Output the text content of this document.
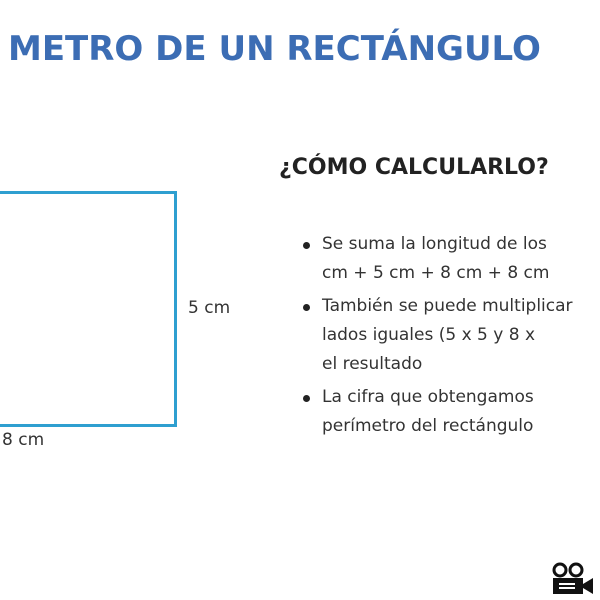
METRO DE UN RECTÁNGULO
5 cm
8 cm
¿CÓMO CALCULARLO?
Se suma la longitud de los
cm + 5 cm + 8 cm + 8 cm
También se puede multiplicar
lados iguales (5 x 5 y 8 x
el resultado
La cifra que obtengamos
perímetro del rectángulo
